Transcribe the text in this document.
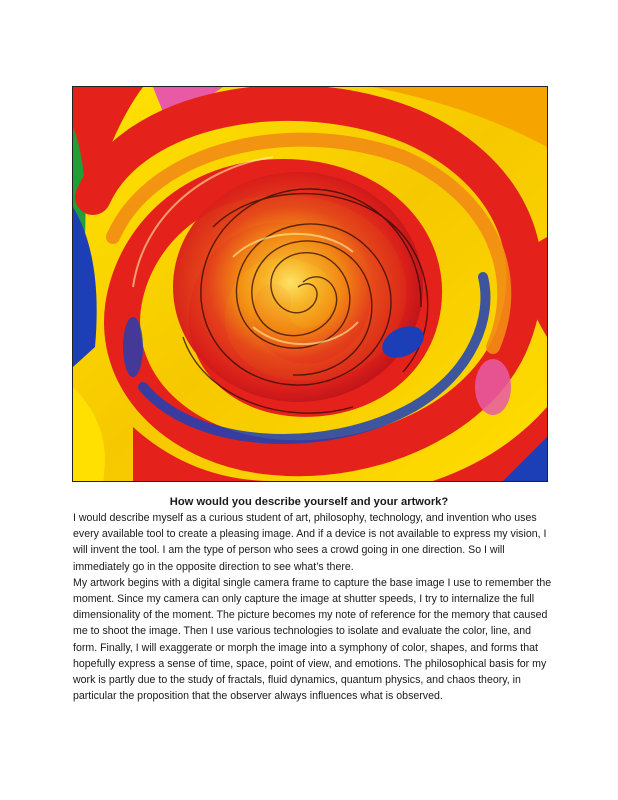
How would you describe yourself and your artwork?
I would describe myself as a curious student of art, philosophy, technology, and invention who uses
every available tool to create a pleasing image. And if a device is not available to express my vision, I
will invent the tool. I am the type of person who sees a crowd going in one direction. So I will
immediately go in the opposite direction to see what’s there.
My artwork begins with a digital single camera frame to capture the base image I use to remember the
moment. Since my camera can only capture the image at shutter speeds, I try to internalize the full
dimensionality of the moment. The picture becomes my note of reference for the memory that caused
me to shoot the image. Then I use various technologies to isolate and evaluate the color, line, and
form. Finally, I will exaggerate or morph the image into a symphony of color, shapes, and forms that
hopefully express a sense of time, space, point of view, and emotions. The philosophical basis for my
work is partly due to the study of fractals, fluid dynamics, quantum physics, and chaos theory, in
particular the proposition that the observer always influences what is observed.
